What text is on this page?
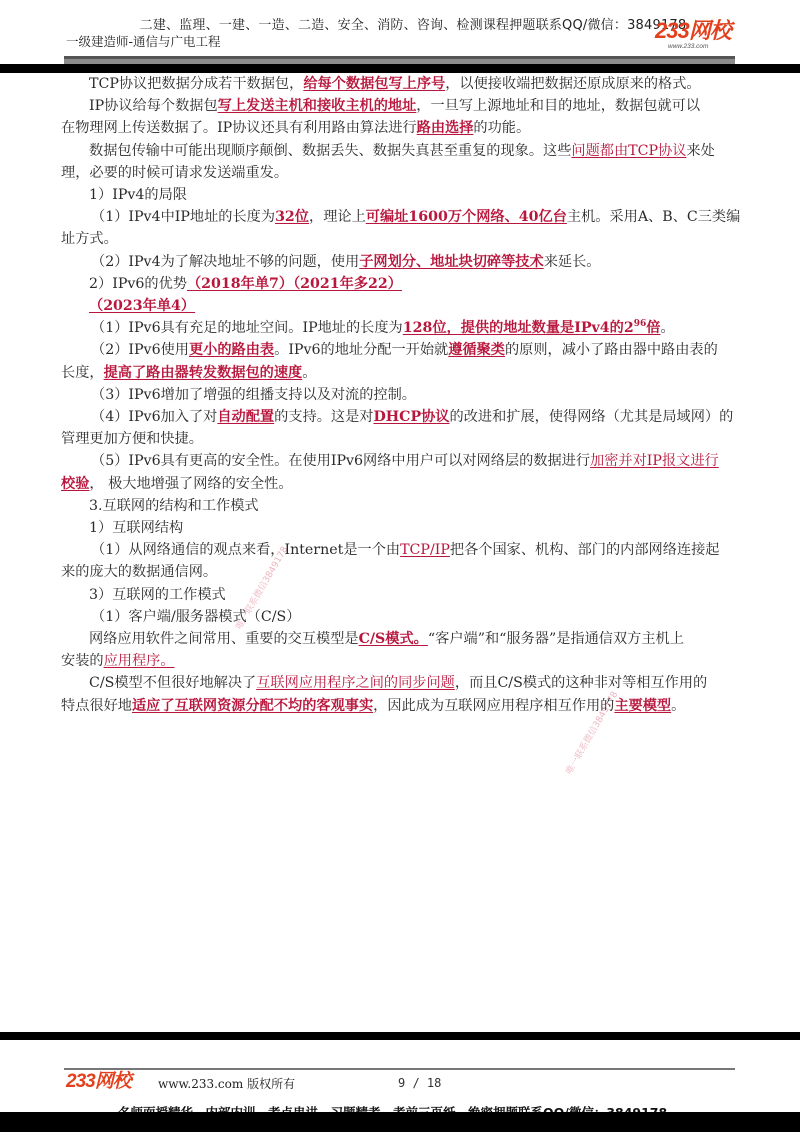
二建、监理、一建、一造、二造、安全、消防、咨询、检测课程押题联系QQ/微信：3849178
一级建造师-通信与广电工程	233网校
www.233.com
唯一联系微信3849178
唯一联系微信3849178
TCP协议把数据分成若干数据包，给每个数据包写上序号，以便接收端把数据还原成原来的格式。
IP协议给每个数据包写上发送主机和接收主机的地址，一旦写上源地址和目的地址，数据包就可以
在物理网上传送数据了。IP协议还具有利用路由算法进行路由选择的功能。
数据包传输中可能出现顺序颠倒、数据丢失、数据失真甚至重复的现象。这些问题都由TCP协议来处
理，必要的时候可请求发送端重发。
1）IPv4的局限
（1）IPv4中IP地址的长度为32位，理论上可编址1600万个网络、40亿台主机。采用A、B、C三类编
址方式。
（2）IPv4为了解决地址不够的问题，使用子网划分、地址块切碎等技术来延长。
2）IPv6的优势（2018年单7）（2021年多22）
（2023年单4）
（1）IPv6具有充足的地址空间。IP地址的长度为128位，提供的地址数量是IPv4的$2^{96}$倍。
（2）IPv6使用更小的路由表。IPv6的地址分配一开始就遵循聚类的原则，减小了路由器中路由表的
长度，提高了路由器转发数据包的速度。
（3）IPv6增加了增强的组播支持以及对流的控制。
（4）IPv6加入了对自动配置的支持。这是对DHCP协议的改进和扩展，使得网络（尤其是局域网）的
管理更加方便和快捷。
（5）IPv6具有更高的安全性。在使用IPv6网络中用户可以对网络层的数据进行加密并对IP报文进行
校验， 极大地增强了网络的安全性。
3.互联网的结构和工作模式
1）互联网结构
（1）从网络通信的观点来看，Internet是一个由TCP/IP把各个国家、机构、部门的内部网络连接起
来的庞大的数据通信网。
3）互联网的工作模式
（1）客户端/服务器模式（C/S）
网络应用软件之间常用、重要的交互模型是C/S模式。“客户端”和“服务器”是指通信双方主机上
安装的应用程序。
C/S模型不但很好地解决了互联网应用程序之间的同步问题，而且C/S模式的这种非对等相互作用的
特点很好地适应了互联网资源分配不均的客观事实，因此成为互联网应用程序相互作用的主要模型。
233网校 www.233.com 版权所有	9 / 18
